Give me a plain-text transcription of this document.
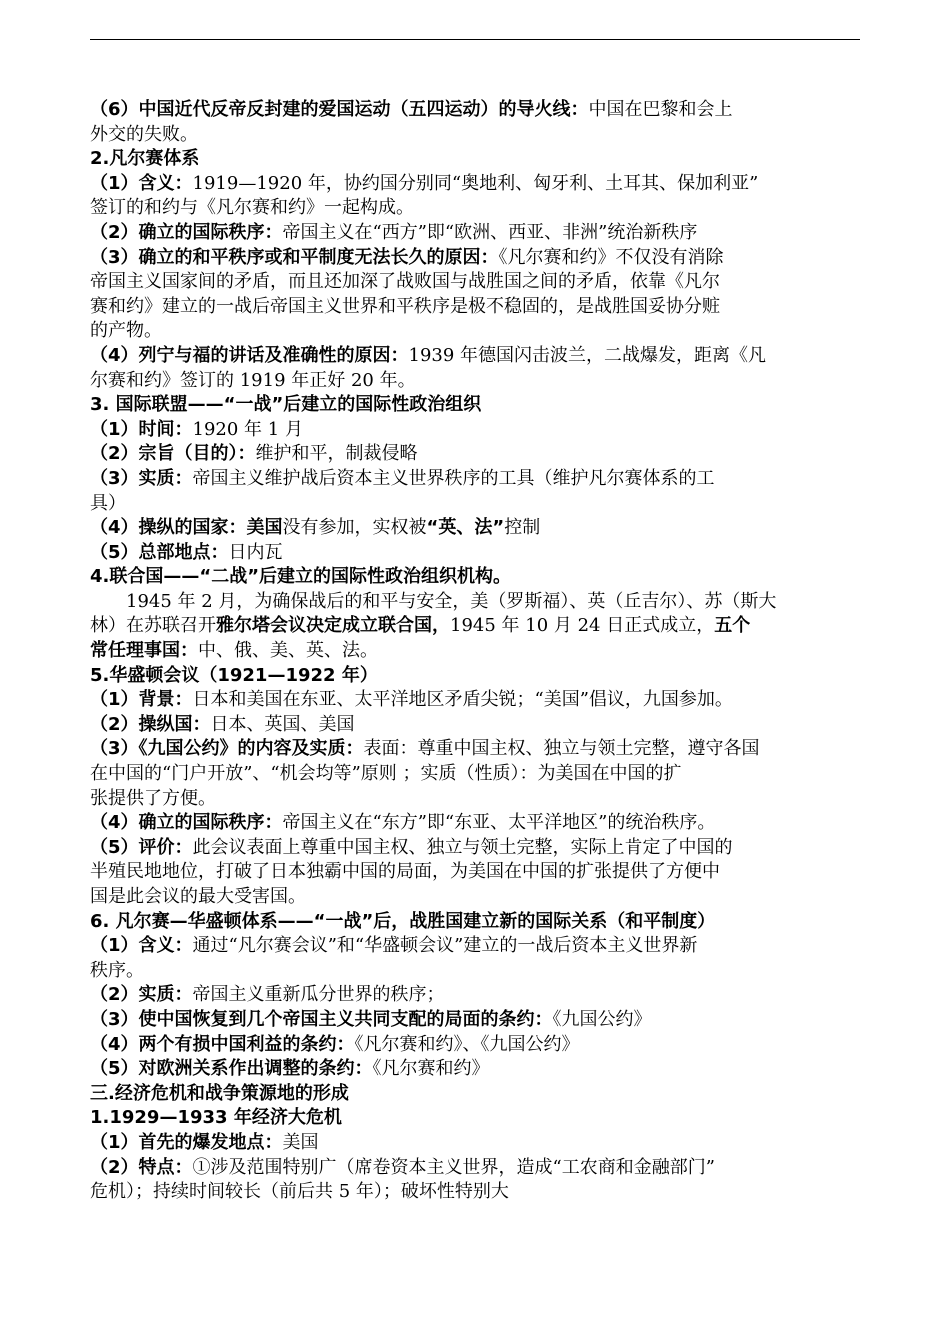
（6）中国近代反帝反封建的爱国运动（五四运动）的导火线：中国在巴黎和会上
外交的失败。
2.凡尔赛体系
（1）含义：1919—1920 年，协约国分别同“奥地利、匈牙利、土耳其、保加利亚”
签订的和约与《凡尔赛和约》一起构成。
（2）确立的国际秩序：帝国主义在“西方”即“欧洲、西亚、非洲”统治新秩序
（3）确立的和平秩序或和平制度无法长久的原因：《凡尔赛和约》不仅没有消除
帝国主义国家间的矛盾，而且还加深了战败国与战胜国之间的矛盾，依靠《凡尔
赛和约》建立的一战后帝国主义世界和平秩序是极不稳固的，是战胜国妥协分赃
的产物。
（4）列宁与福的讲话及准确性的原因：1939 年德国闪击波兰，二战爆发，距离《凡
尔赛和约》签订的 1919 年正好 20 年。
3. 国际联盟——“一战”后建立的国际性政治组织
（1）时间：1920 年 1 月
（2）宗旨（目的）：维护和平，制裁侵略
（3）实质：帝国主义维护战后资本主义世界秩序的工具（维护凡尔赛体系的工
具）
（4）操纵的国家：美国没有参加，实权被“英、法”控制
（5）总部地点：日内瓦
4.联合国——“二战”后建立的国际性政治组织机构。
1945 年 2 月，为确保战后的和平与安全，美（罗斯福）、英（丘吉尔）、苏（斯大
林）在苏联召开雅尔塔会议决定成立联合国，1945 年 10 月 24 日正式成立，五个
常任理事国：中、俄、美、英、法。
5.华盛顿会议（1921—1922 年）
（1）背景：日本和美国在东亚、太平洋地区矛盾尖锐；“美国”倡议，九国参加。
（2）操纵国：日本、英国、美国
（3）《九国公约》的内容及实质：表面：尊重中国主权、独立与领土完整，遵守各国
在中国的“门户开放”、“机会均等”原则 ；实质（性质）：为美国在中国的扩
张提供了方便。
（4）确立的国际秩序：帝国主义在“东方”即“东亚、太平洋地区”的统治秩序。
（5）评价：此会议表面上尊重中国主权、独立与领土完整，实际上肯定了中国的
半殖民地地位，打破了日本独霸中国的局面，为美国在中国的扩张提供了方便中
国是此会议的最大受害国。
6. 凡尔赛—华盛顿体系——“一战”后，战胜国建立新的国际关系（和平制度）
（1）含义：通过“凡尔赛会议”和“华盛顿会议”建立的一战后资本主义世界新
秩序。
（2）实质：帝国主义重新瓜分世界的秩序；
（3）使中国恢复到几个帝国主义共同支配的局面的条约：《九国公约》
（4）两个有损中国利益的条约：《凡尔赛和约》、《九国公约》
（5）对欧洲关系作出调整的条约：《凡尔赛和约》
三.经济危机和战争策源地的形成
1.1929—1933 年经济大危机
（1）首先的爆发地点：美国
（2）特点：①涉及范围特别广（席卷资本主义世界，造成“工农商和金融部门”
危机）；持续时间较长（前后共 5 年）；破坏性特别大
